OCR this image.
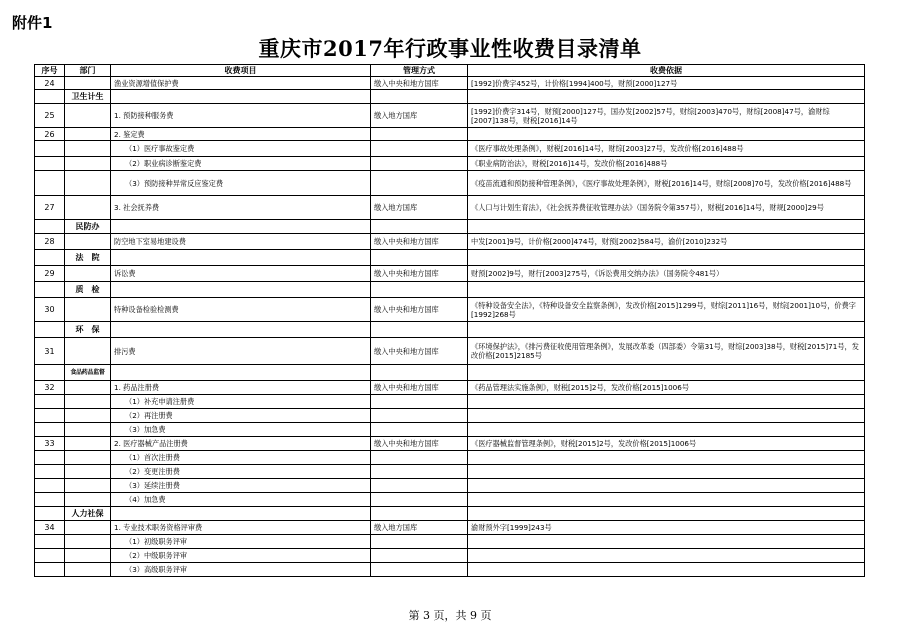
附件1
重庆市2017年行政事业性收费目录清单
序号	部门	收费项目	管理方式	收费依据
24		渔业资源增值保护费	缴入中央和地方国库	[1992]价费字452号，计价格[1994]400号，财预[2000]127号
	卫生计生			
25		1. 预防接种服务费	缴入地方国库	[1992]价费字314号，财预[2000]127号，国办发[2002]57号，财综[2003]470号，财综[2008]47号，渝财综[2007]138号，财税[2016]14号
26		2. 鉴定费		
		（1）医疗事故鉴定费		《医疗事故处理条例》，财税[2016]14号，财综[2003]27号，发改价格[2016]488号
		（2）职业病诊断鉴定费		《职业病防治法》，财税[2016]14号，发改价格[2016]488号
		（3）预防接种异常反应鉴定费		《疫苗流通和预防接种管理条例》，《医疗事故处理条例》，财税[2016]14号，财综[2008]70号，发改价格[2016]488号
27		3. 社会抚养费	缴入地方国库	《人口与计划生育法》，《社会抚养费征收管理办法》（国务院令第357号），财税[2016]14号，财规[2000]29号
	民防办			
28		防空地下室易地建设费	缴入中央和地方国库	中发[2001]9号，计价格[2000]474号，财预[2002]584号，渝价[2010]232号
	法　院			
29		诉讼费	缴入中央和地方国库	财预[2002]9号，财行[2003]275号，《诉讼费用交纳办法》（国务院令481号）
	质　检			
30		特种设备检验检测费	缴入中央和地方国库	《特种设备安全法》，《特种设备安全监察条例》，发改价格[2015]1299号，财综[2011]16号，财综[2001]10号，价费字[1992]268号
	环　保			
31		排污费	缴入中央和地方国库	《环境保护法》，《排污费征收使用管理条例》，发展改革委（四部委）令第31号，财综[2003]38号，财税[2015]71号，发改价格[2015]2185号
	食品药品监督			
32		1. 药品注册费	缴入中央和地方国库	《药品管理法实施条例》，财税[2015]2号，发改价格[2015]1006号
		（1）补充申请注册费		
		（2）再注册费		
		（3）加急费		
33		2. 医疗器械产品注册费	缴入中央和地方国库	《医疗器械监督管理条例》，财税[2015]2号，发改价格[2015]1006号
		（1）首次注册费		
		（2）变更注册费		
		（3）延续注册费		
		（4）加急费		
	人力社保			
34		1. 专业技术职务资格评审费	缴入地方国库	渝财预外字[1999]243号
		（1）初级职务评审		
		（2）中级职务评审		
		（3）高级职务评审		
第 3 页，共 9 页
